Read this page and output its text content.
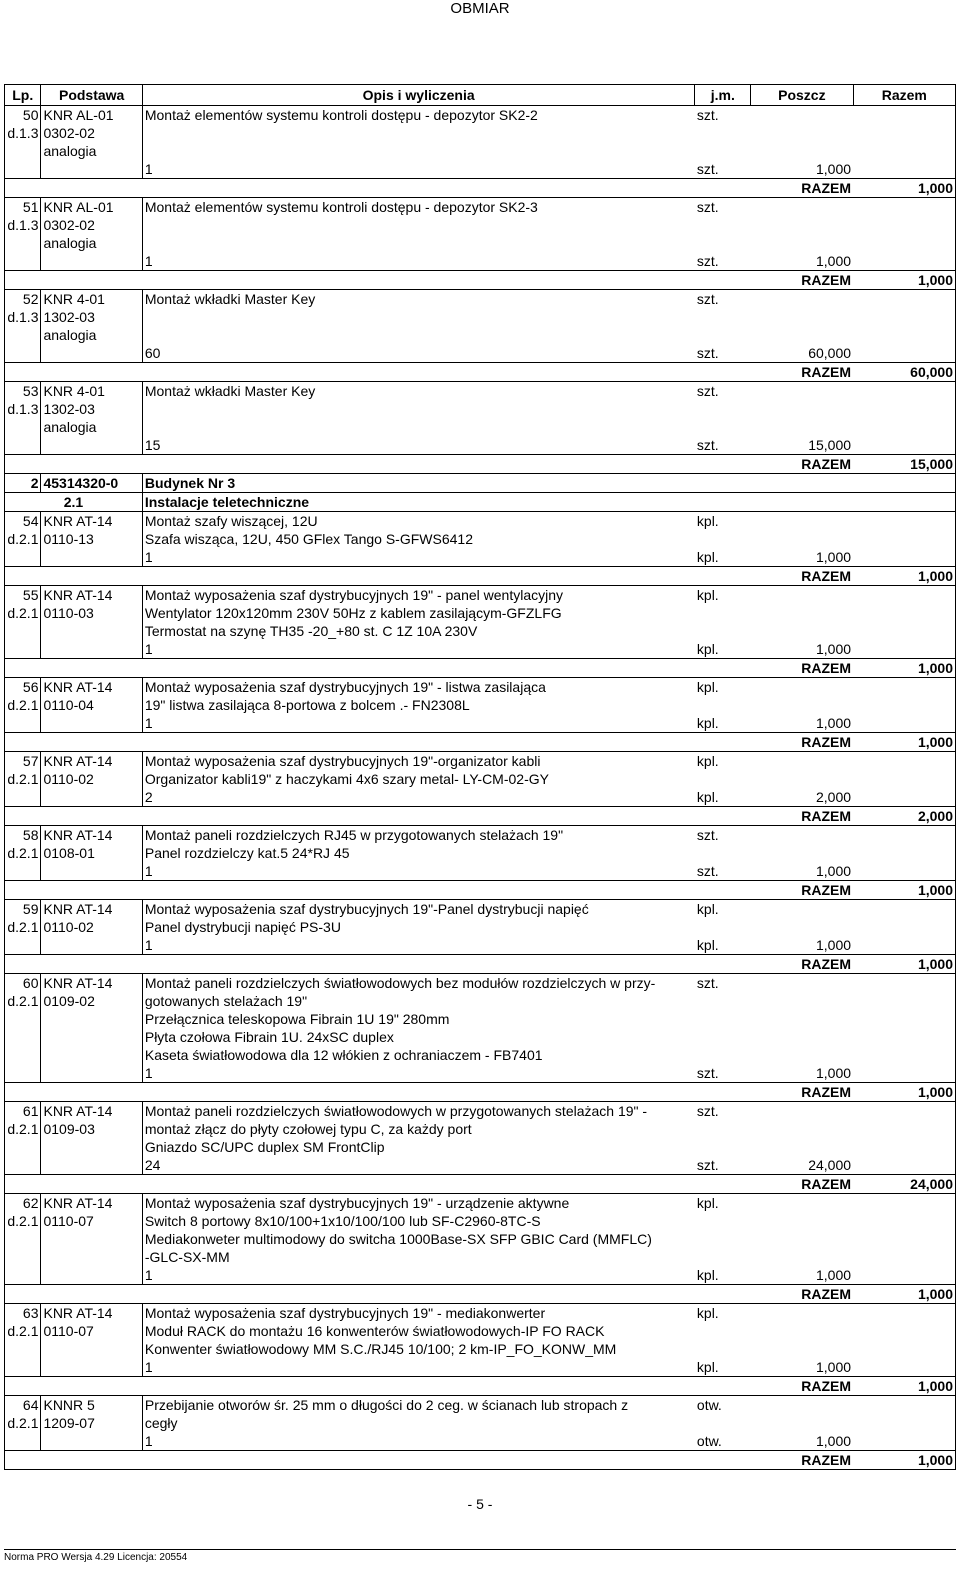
OBMIAR
Lp.	Podstawa	Opis i wyliczenia	j.m.	Poszcz	Razem
50	KNR AL-01	Montaż elementów systemu kontroli dostępu - depozytor SK2-2	szt.		
d.1.3	0302-02				
	analogia				
		1	szt.	1,000	
				RAZEM	1,000
51	KNR AL-01	Montaż elementów systemu kontroli dostępu - depozytor SK2-3	szt.		
d.1.3	0302-02				
	analogia				
		1	szt.	1,000	
				RAZEM	1,000
52	KNR 4-01	Montaż wkładki Master Key	szt.		
d.1.3	1302-03				
	analogia				
		60	szt.	60,000	
				RAZEM	60,000
53	KNR 4-01	Montaż wkładki Master Key	szt.		
d.1.3	1302-03				
	analogia				
		15	szt.	15,000	
				RAZEM	15,000
2	45314320-0	Budynek Nr 3			
2.1		Instalacje teletechniczne			
54	KNR AT-14	Montaż szafy wiszącej, 12U	kpl.		
d.2.1	0110-13	Szafa wisząca, 12U, 450 GFlex Tango S-GFWS6412			
		1	kpl.	1,000	
				RAZEM	1,000
55	KNR AT-14	Montaż wyposażenia szaf dystrybucyjnych 19" - panel wentylacyjny	kpl.		
d.2.1	0110-03	Wentylator 120x120mm 230V 50Hz z kablem zasilającym-GFZLFG			
		Termostat na szynę TH35 -20_+80 st. C 1Z 10A 230V			
		1	kpl.	1,000	
				RAZEM	1,000
56	KNR AT-14	Montaż wyposażenia szaf dystrybucyjnych 19" - listwa zasilająca	kpl.		
d.2.1	0110-04	19" listwa zasilająca 8-portowa z bolcem .- FN2308L			
		1	kpl.	1,000	
				RAZEM	1,000
57	KNR AT-14	Montaż wyposażenia szaf dystrybucyjnych 19"-organizator kabli	kpl.		
d.2.1	0110-02	Organizator kabli19" z haczykami 4x6 szary metal- LY-CM-02-GY			
		2	kpl.	2,000	
				RAZEM	2,000
58	KNR AT-14	Montaż paneli rozdzielczych RJ45 w przygotowanych stelażach 19"	szt.		
d.2.1	0108-01	Panel rozdzielczy kat.5 24*RJ 45			
		1	szt.	1,000	
				RAZEM	1,000
59	KNR AT-14	Montaż wyposażenia szaf dystrybucyjnych 19"-Panel dystrybucji napięć	kpl.		
d.2.1	0110-02	Panel dystrybucji napięć PS-3U			
		1	kpl.	1,000	
				RAZEM	1,000
60	KNR AT-14	Montaż paneli rozdzielczych światłowodowych bez modułów rozdzielczych w przy-	szt.		
d.2.1	0109-02	gotowanych stelażach 19"			
		Przełącznica teleskopowa Fibrain 1U 19" 280mm			
		Płyta czołowa Fibrain 1U. 24xSC duplex			
		Kaseta światłowodowa dla 12 włókien z ochraniaczem - FB7401			
		1	szt.	1,000	
				RAZEM	1,000
61	KNR AT-14	Montaż paneli rozdzielczych światłowodowych w przygotowanych stelażach 19" -	szt.		
d.2.1	0109-03	montaż złącz do płyty czołowej typu C, za każdy port			
		Gniazdo SC/UPC duplex SM FrontClip			
		24	szt.	24,000	
				RAZEM	24,000
62	KNR AT-14	Montaż wyposażenia szaf dystrybucyjnych 19" - urządzenie aktywne	kpl.		
d.2.1	0110-07	Switch 8 portowy 8x10/100+1x10/100/100 lub SF-C2960-8TC-S			
		Mediakonweter multimodowy do switcha 1000Base-SX SFP GBIC Card (MMFLC)			
		-GLC-SX-MM			
		1	kpl.	1,000	
				RAZEM	1,000
63	KNR AT-14	Montaż wyposażenia szaf dystrybucyjnych 19" - mediakonwerter	kpl.		
d.2.1	0110-07	Moduł RACK do montażu 16 konwenterów światłowodowych-IP FO RACK			
		Konwenter światłowodowy MM S.C./RJ45 10/100; 2 km-IP_FO_KONW_MM			
		1	kpl.	1,000	
				RAZEM	1,000
64	KNNR 5	Przebijanie otworów śr. 25 mm o długości do 2 ceg. w ścianach lub stropach z	otw.		
d.2.1	1209-07	cegły			
		1	otw.	1,000	
				RAZEM	1,000
- 5 -
Norma PRO Wersja 4.29 Licencja: 20554
